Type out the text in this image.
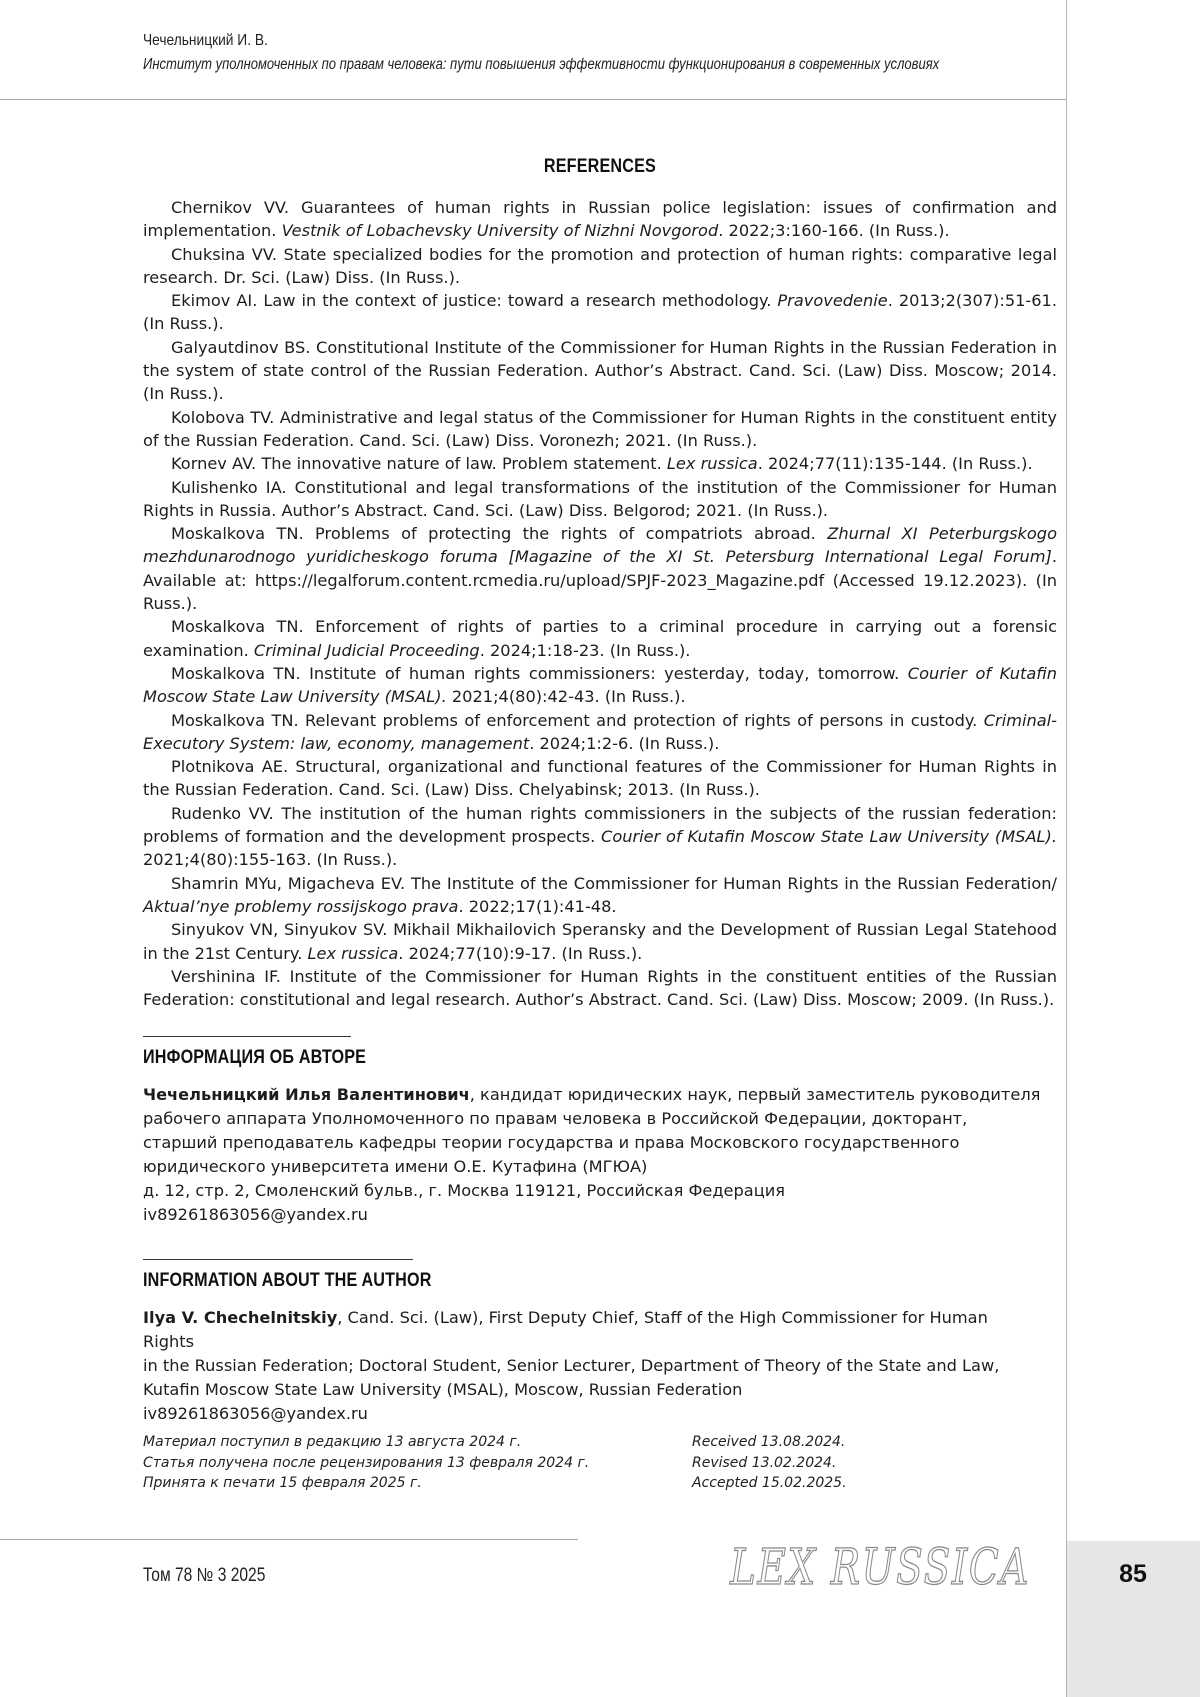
85
Чечельницкий И. В.
Институт уполномоченных по правам человека: пути повышения эффективности функционирования в современных условиях
REFERENCES

Chernikov VV. Guarantees of human rights in Russian police legislation: issues of confirmation and implementation. Vestnik of Lobachevsky University of Nizhni Novgorod. 2022;3:160-166. (In Russ.).

Chuksina VV. State specialized bodies for the promotion and protection of human rights: comparative legal research. Dr. Sci. (Law) Diss. (In Russ.).

Ekimov AI. Law in the context of justice: toward a research methodology. Pravovedenie. 2013;2(307):51-61. (In Russ.).

Galyautdinov BS. Constitutional Institute of the Commissioner for Human Rights in the Russian Federation in the system of state control of the Russian Federation. Author’s Abstract. Cand. Sci. (Law) Diss. Moscow; 2014. (In Russ.).

Kolobova TV. Administrative and legal status of the Commissioner for Human Rights in the constituent entity of the Russian Federation. Cand. Sci. (Law) Diss. Voronezh; 2021. (In Russ.).

Kornev AV. The innovative nature of law. Problem statement. Lex russica. 2024;77(11):135-144. (In Russ.).

Kulishenko IA. Constitutional and legal transformations of the institution of the Commissioner for Human Rights in Russia. Author’s Abstract. Cand. Sci. (Law) Diss. Belgorod; 2021. (In Russ.).

Moskalkova TN. Problems of protecting the rights of compatriots abroad. Zhurnal XI Peterburgskogo mezhdunarodnogo yuridicheskogo foruma [Magazine of the XI St. Petersburg International Legal Forum]. Available at: https://legalforum.content.rcmedia.ru/upload/SPJF-2023_Magazine.pdf (Accessed 19.12.2023). (In Russ.).

Moskalkova TN. Enforcement of rights of parties to a criminal procedure in carrying out a forensic examination. Criminal Judicial Proceeding. 2024;1:18-23. (In Russ.).

Moskalkova TN. Institute of human rights commissioners: yesterday, today, tomorrow. Courier of Kutafin Moscow State Law University (MSAL). 2021;4(80):42-43. (In Russ.).

Moskalkova TN. Relevant problems of enforcement and protection of rights of persons in custody. Criminal-Executory System: law, economy, management. 2024;1:2-6. (In Russ.).

Plotnikova AE. Structural, organizational and functional features of the Commissioner for Human Rights in the Russian Federation. Cand. Sci. (Law) Diss. Chelyabinsk; 2013. (In Russ.).

Rudenko VV. The institution of the human rights commissioners in the subjects of the russian federation: problems of formation and the development prospects. Courier of Kutafin Moscow State Law University (MSAL). 2021;4(80):155-163. (In Russ.).

Shamrin MYu, Migacheva EV. The Institute of the Commissioner for Human Rights in the Russian Federation/ Aktual’nye problemy rossijskogo prava. 2022;17(1):41-48.

Sinyukov VN, Sinyukov SV. Mikhail Mikhailovich Speransky and the Development of Russian Legal Statehood in the 21st Century. Lex russica. 2024;77(10):9-17. (In Russ.).

Vershinina IF. Institute of the Commissioner for Human Rights in the constituent entities of the Russian Federation: constitutional and legal research. Author’s Abstract. Cand. Sci. (Law) Diss. Moscow; 2009. (In Russ.).

ИНФОРМАЦИЯ ОБ АВТОРЕ
Чечельницкий Илья Валентинович, кандидат юридических наук, первый заместитель руководителя
рабочего аппарата Уполномоченного по правам человека в Российской Федерации, докторант,
старший преподаватель кафедры теории государства и права Московского государственного
юридического университета имени О.Е. Кутафина (МГЮА)
д. 12, стр. 2, Смоленский бульв., г. Москва 119121, Российская Федерация
iv89261863056@yandex.ru
INFORMATION ABOUT THE AUTHOR
Ilya V. Chechelnitskiy, Cand. Sci. (Law), First Deputy Chief, Staff of the High Commissioner for Human Rights
in the Russian Federation; Doctoral Student, Senior Lecturer, Department of Theory of the State and Law,
Kutafin Moscow State Law University (MSAL), Moscow, Russian Federation
iv89261863056@yandex.ru
Материал поступил в редакцию 13 августа 2024 г.
Статья получена после рецензирования 13 февраля 2024 г.
Принята к печати 15 февраля 2025 г.
Received 13.08.2024.
Revised 13.02.2024.
Accepted 15.02.2025.
Том 78 № 3 2025	LEX RUSSICA
